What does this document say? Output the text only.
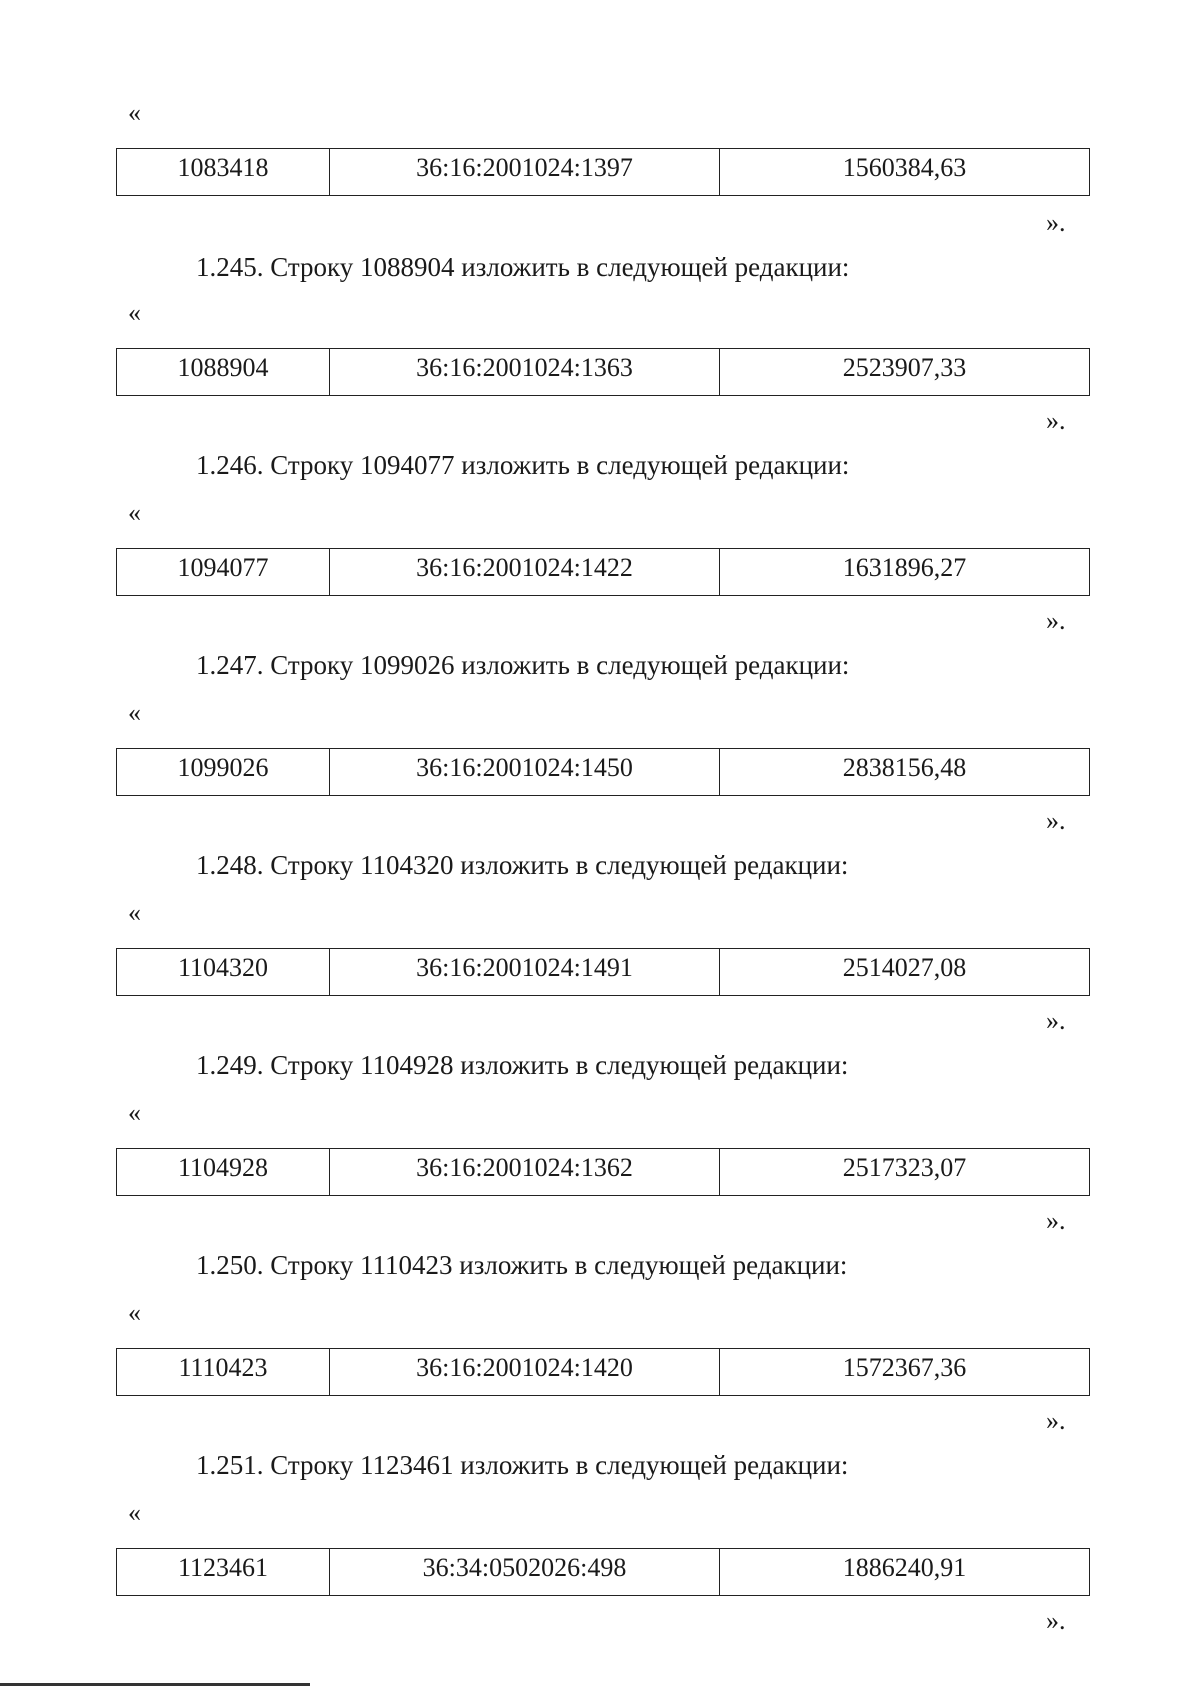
«
1083418	36:16:2001024:1397	1560384,63
».
1.245. Строку 1088904 изложить в следующей редакции:
«
1088904	36:16:2001024:1363	2523907,33
».
1.246. Строку 1094077 изложить в следующей редакции:
«
1094077	36:16:2001024:1422	1631896,27
».
1.247. Строку 1099026 изложить в следующей редакции:
«
1099026	36:16:2001024:1450	2838156,48
».
1.248. Строку 1104320 изложить в следующей редакции:
«
1104320	36:16:2001024:1491	2514027,08
».
1.249. Строку 1104928 изложить в следующей редакции:
«
1104928	36:16:2001024:1362	2517323,07
».
1.250. Строку 1110423 изложить в следующей редакции:
«
1110423	36:16:2001024:1420	1572367,36
».
1.251. Строку 1123461 изложить в следующей редакции:
«
1123461	36:34:0502026:498	1886240,91
».
